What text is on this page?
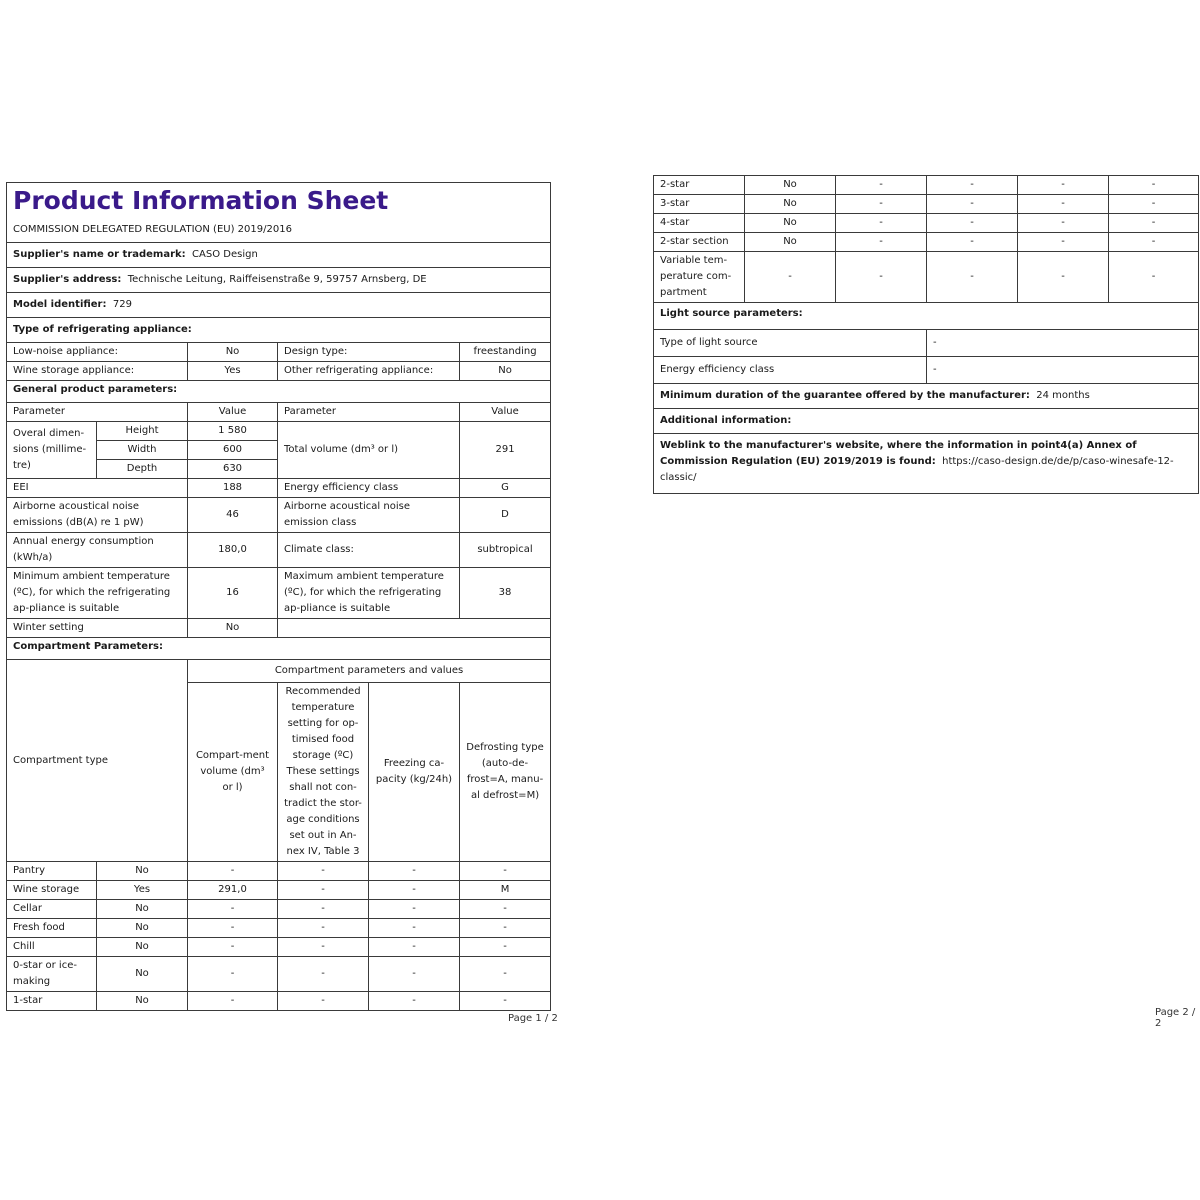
Product Information Sheet
COMMISSION DELEGATED REGULATION (EU) 2019/2016					

Supplier's name or trademark: CASO Design					
Supplier's address: Technische Leitung, Raiffeisenstraße 9, 59757 Arnsberg, DE					
Model identifier: 729					
Type of refrigerating appliance:					
Low-noise appliance:		No	Design type:		freestanding
Wine storage appliance:		Yes	Other refrigerating appliance:		No
General product parameters:					
Parameter		Value	Parameter		Value
Overal dimen-sions (millime-tre)	Height	1 580	Total volume (dm³ or l)		291
	Width	600			
	Depth	630			
EEI		188	Energy efficiency class		G
Airborne acoustical noise emissions (dB(A) re 1 pW)		46	Airborne acoustical noise emission class		D
Annual energy consumption (kWh/a)		180,0	Climate class:		subtropical
Minimum ambient temperature (ºC), for which the refrigerating ap-pliance is suitable		16	Maximum ambient temperature (ºC), for which the refrigerating ap-pliance is suitable		38
Winter setting		No			
Compartment Parameters:					
Compartment type		Compartment parameters and values			
		Compart-ment volume (dm³ or l)	Recommended temperature setting for op-timised food storage (ºC) These settings shall not con-tradict the stor-age conditions set out in An-nex IV, Table 3	Freezing ca-pacity (kg/24h)	Defrosting type (auto-de-frost=A, manu-al defrost=M)
Pantry	No	-	-	-	-
Wine storage	Yes	291,0	-	-	M
Cellar	No	-	-	-	-
Fresh food	No	-	-	-	-
Chill	No	-	-	-	-
0-star or ice-making	No	-	-	-	-
1-star	No	-	-	-	-
Page 1 / 2
2-star	No	-	-	-	-
3-star	No	-	-	-	-
4-star	No	-	-	-	-
2-star section	No	-	-	-	-
Variable tem-perature com-partment	-	-	-	-	-
Light source parameters:					
Type of light source			-		
Energy efficiency class			-		
Minimum duration of the guarantee offered by the manufacturer: 24 months					
Additional information:					
Weblink to the manufacturer's website, where the information in point4(a) Annex of Commission Regulation (EU) 2019/2019 is found: https://caso-design.de/de/p/caso-winesafe-12-classic/					
Page 2 / 2
